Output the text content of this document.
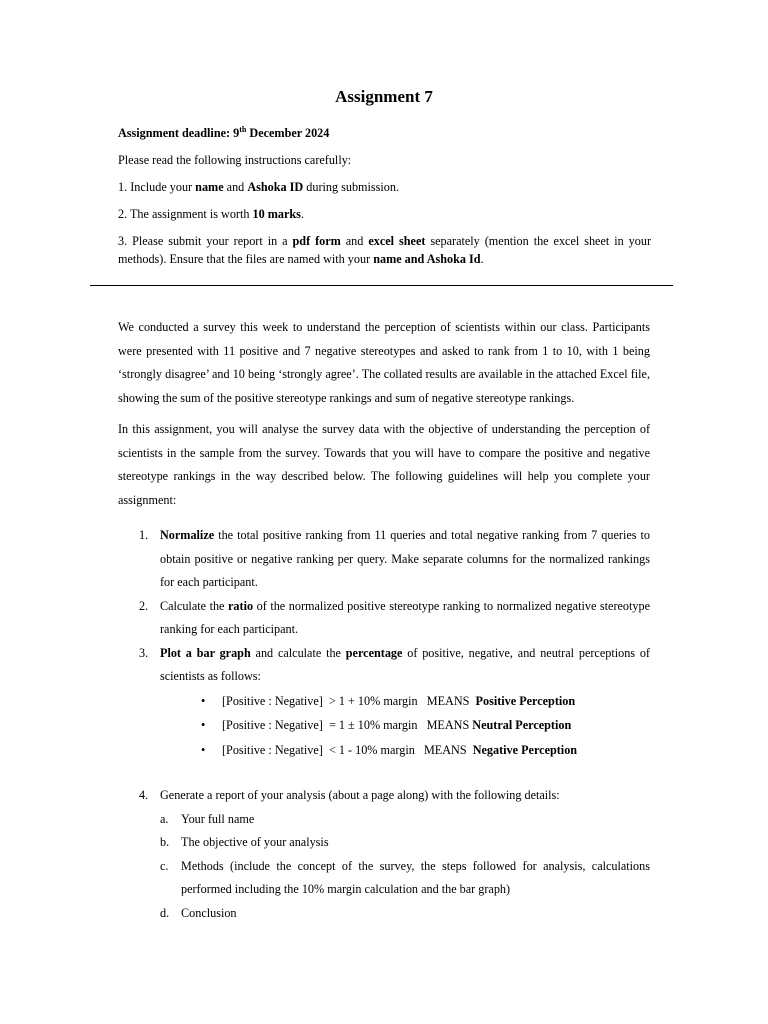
Assignment 7

Assignment deadline: 9th December 2024

Please read the following instructions carefully:

1. Include your name and Ashoka ID during submission.

2. The assignment is worth 10 marks.

3. Please submit your report in a pdf form and excel sheet separately (mention the excel sheet in your methods). Ensure that the files are named with your name and Ashoka Id.

We conducted a survey this week to understand the perception of scientists within our class. Participants were presented with 11 positive and 7 negative stereotypes and asked to rank from 1 to 10, with 1 being ‘strongly disagree’ and 10 being ‘strongly agree’. The collated results are available in the attached Excel file, showing the sum of the positive stereotype rankings and sum of negative stereotype rankings.

In this assignment, you will analyse the survey data with the objective of understanding the perception of scientists in the sample from the survey. Towards that you will have to compare the positive and negative stereotype rankings in the way described below. The following guidelines will help you complete your assignment:

1. Normalize the total positive ranking from 11 queries and total negative ranking from 7 queries to obtain positive or negative ranking per query. Make separate columns for the normalized rankings for each participant.
2. Calculate the ratio of the normalized positive stereotype ranking to normalized negative stereotype ranking for each participant.
3. Plot a bar graph and calculate the percentage of positive, negative, and neutral perceptions of scientists as follows:
• [Positive : Negative]  > 1 + 10% margin   MEANS  Positive Perception
• [Positive : Negative]  = 1 ± 10% margin   MEANS Neutral Perception
• [Positive : Negative]  < 1 - 10% margin   MEANS  Negative Perception
4. Generate a report of your analysis (about a page along) with the following details:
a. Your full name
b. The objective of your analysis
c. Methods (include the concept of the survey, the steps followed for analysis, calculations performed including the 10% margin calculation and the bar graph)
d. Conclusion
